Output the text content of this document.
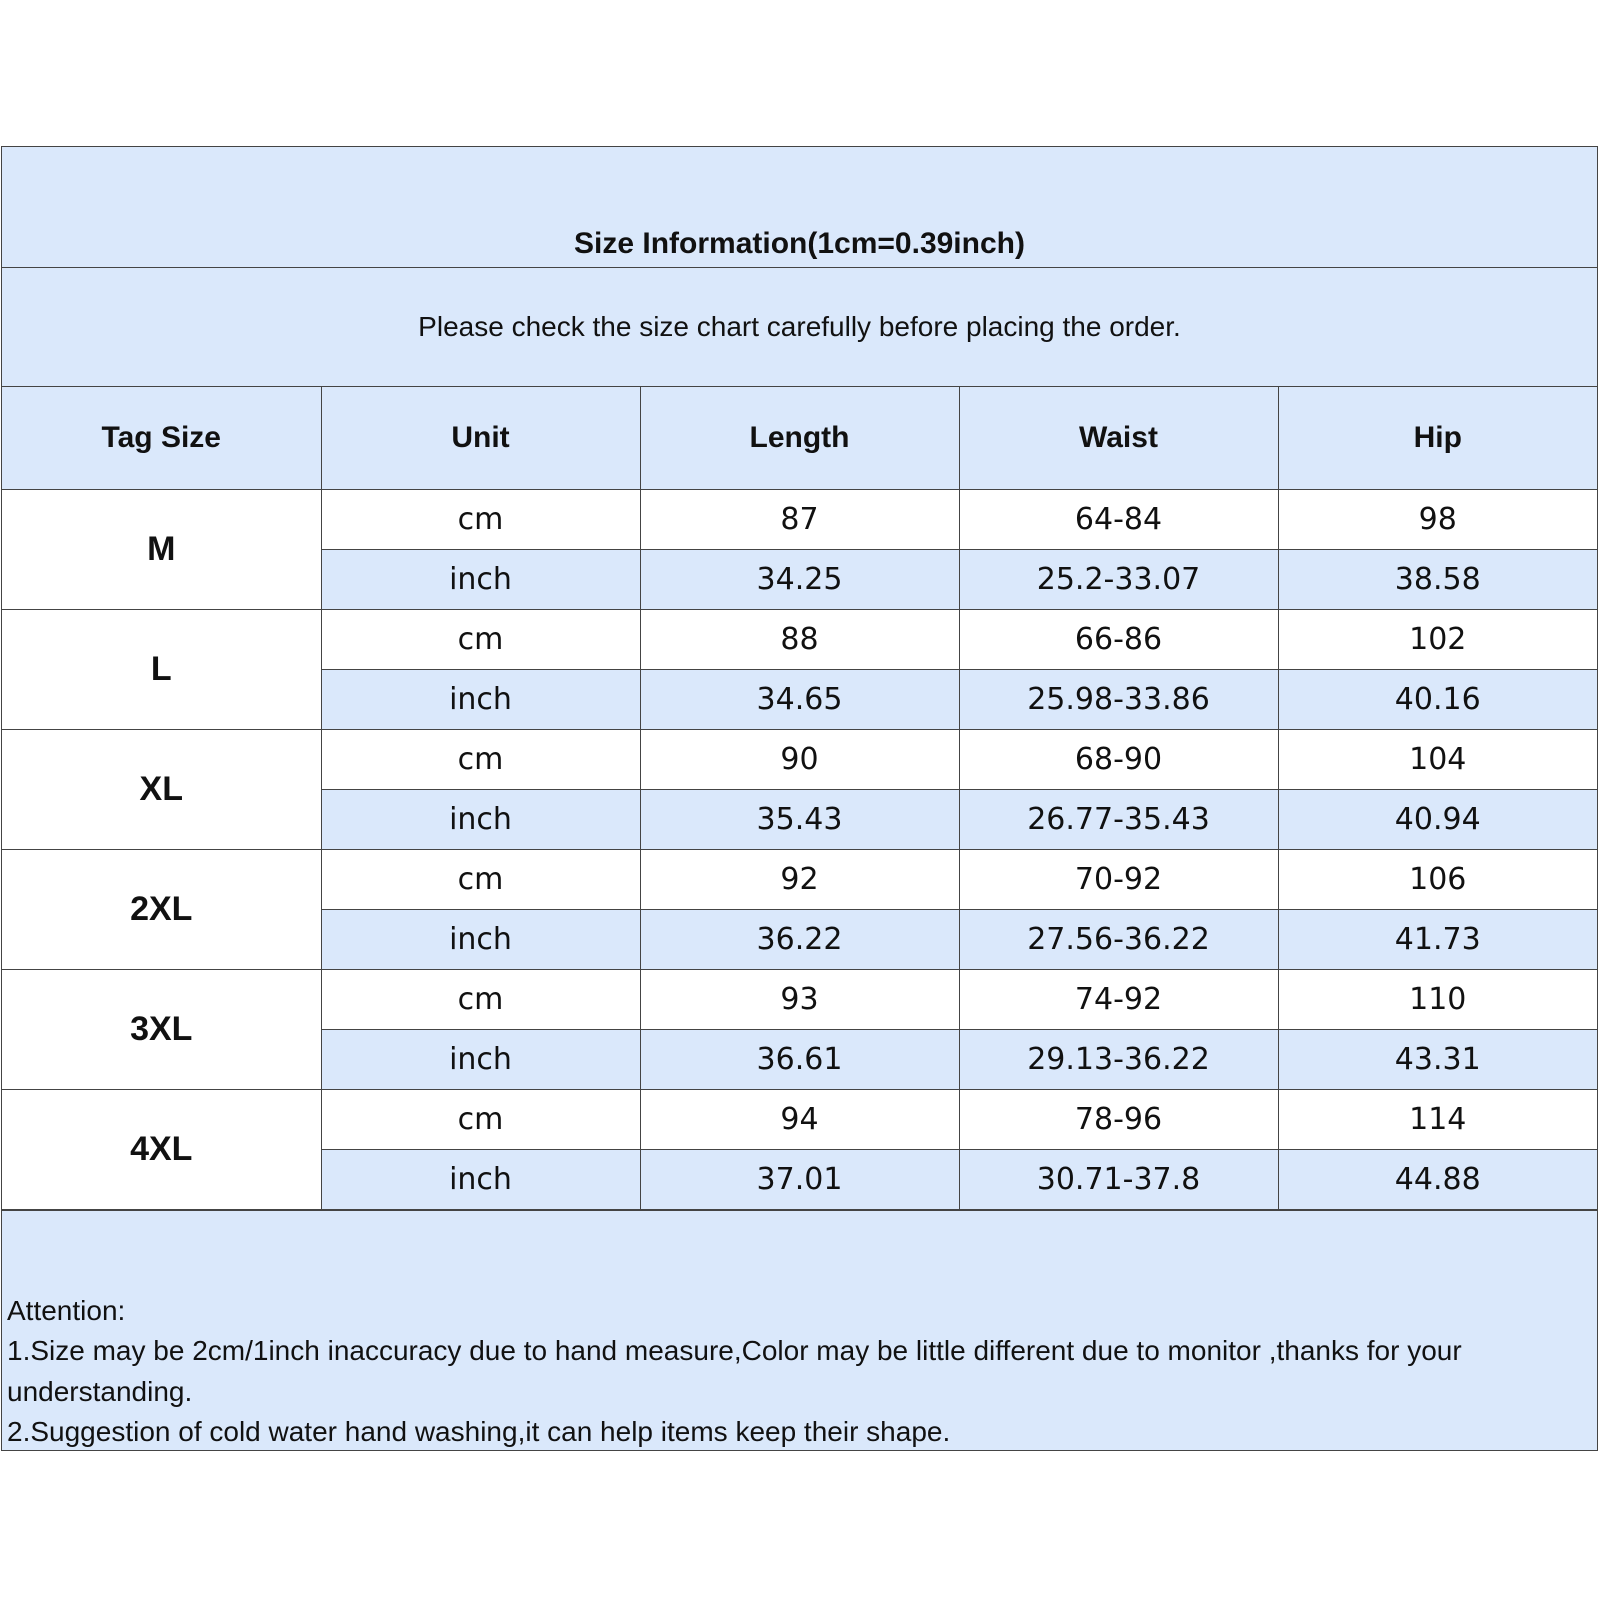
Size Information(1cm=0.39inch)
Please check the size chart carefully before placing the order.
Tag Size	Unit	Length	Waist	Hip
M	cm	87	64-84	98
	inch	34.25	25.2-33.07	38.58
L	cm	88	66-86	102
	inch	34.65	25.98-33.86	40.16
XL	cm	90	68-90	104
	inch	35.43	26.77-35.43	40.94
2XL	cm	92	70-92	106
	inch	36.22	27.56-36.22	41.73
3XL	cm	93	74-92	110
	inch	36.61	29.13-36.22	43.31
4XL	cm	94	78-96	114
	inch	37.01	30.71-37.8	44.88

Attention:

1.Size may be 2cm/1inch inaccuracy due to hand measure,Color may be little different due to monitor ,thanks for your understanding.

2.Suggestion of cold water hand washing,it can help items keep their shape.
